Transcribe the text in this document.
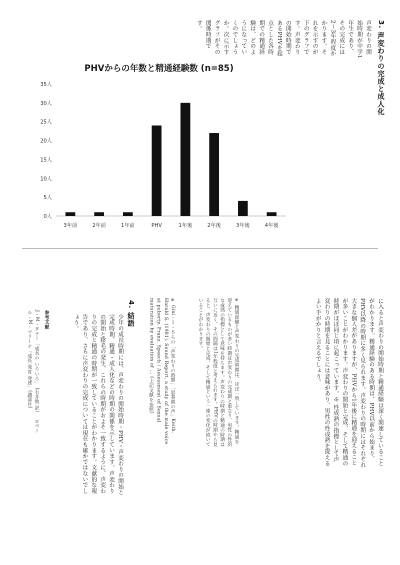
3. 声変わりの完成と成人化
声変わりの開始時期が中学1年生であり、その完成には2〜3年程度かかります。それを示すのが下のグラフです。声変わりの開始時期であるPHVを起点とした各時期での精通経験は、どのようになっていくのでしょうか。次に示すグラフがその関係時期です。
PHVからの年数と精通経験数 (n=85)
0人
5人
10人
15人
20人
25人
30人
35人
3年前	2年前	1年前	PHV	1年後	2年後	3年後	4年後
に入ると声変わりの開始時期と精通経験は深く関連していることがわかります。精通経験のある時期は、PHV以前から始まり、PHV以降の時期に多く見られます。声変わりの時期にはそれぞれ大きな個人差がありますが、PHVから1年後に精通を迎えることが多いことがわかります。声変わりの開始と完成、そして精通の時期がほぼ同じ頃に起こっています。※ 性成熟の指標として声変わりの時期を見ることには意味があり、男性の性成熟を捉えるよい手がかりと言えるでしょう。
※ 精通経験と声変わりの完成時期は、ほぼ一致しています。精通を迎えているものが多い時期は声変わりの完成期と重なり、男性の性的な成熟の指標として意味を持ちます。声変わりの時期と精通の時期は互いに近く、その間隔は1年程度と考えられます。PHVの時期から見ると、声変わりの開始と完成、そして精通という一連の変化が続いていることがわかります。
※ Gini・Ｉ・Ｓらの「声変わりの時期」「思春期の声」Keith. Harold S. (1981). Sound Report, a study of the male voice at puberty. Franz. Speech / Assessment of Sexual maturation by evaluation of ... (上記文献を参照)
4. 結語
少年の成長時期には、声変わりの開始時期・PHV・声変わりの開始と完成時期、精通・成人化などの時期の関係を示しています。声変わりの開始と陰毛の発生、これらの時期がおよそ一致するように、声変わりの完成と精通の時期が一致していることがわかります。文献的な報告であり、さらに声変わりの完成については現在も確かではないでしょう。
参考文献
J・M・タナー「成長の いろいろ」 (石井他 訳) 　ロベール・M・マリーナ「成長 発育 発達」(講談社)
